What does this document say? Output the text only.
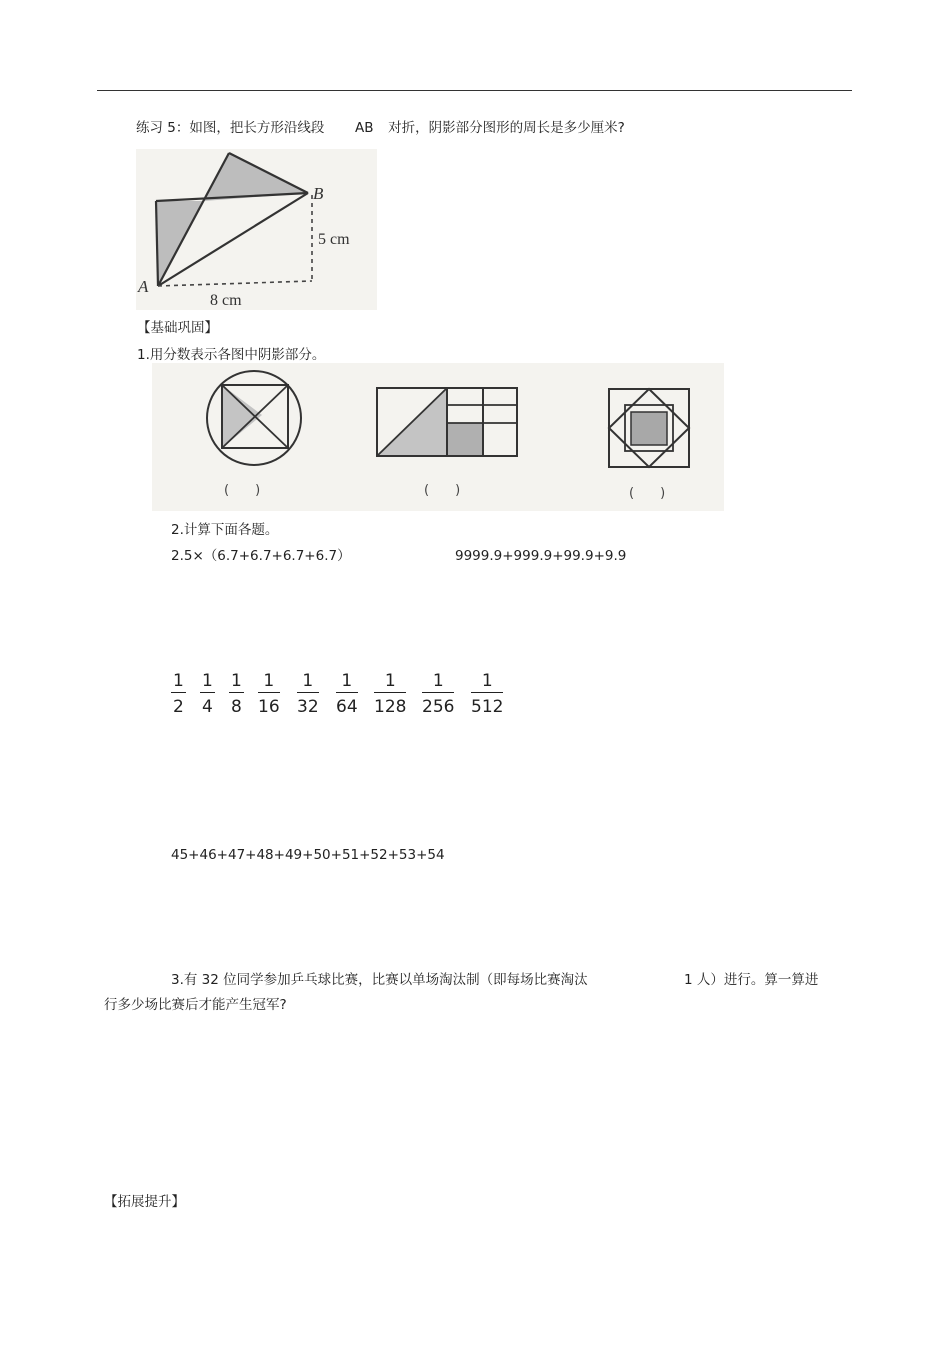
练习 5：如图，把长方形沿线段 AB 对折，阴影部分图形的周长是多少厘米?
B
A
5 cm
8 cm
【基础巩固】
1.用分数表示各图中阴影部分。
(　　)	(　　)	(　　)
2.计算下面各题。
2.5×（6.7+6.7+6.7+6.7）	9999.9+999.9+99.9+9.9
1
2
1
4
1
8
1
16
1
32
1
64
1
128
1
256
1
512
45+46+47+48+49+50+51+52+53+54
3.有 32 位同学参加乒乓球比赛，比赛以单场淘汰制（即每场比赛淘汰	1 人）进行。算一算进
行多少场比赛后才能产生冠军?
【拓展提升】
